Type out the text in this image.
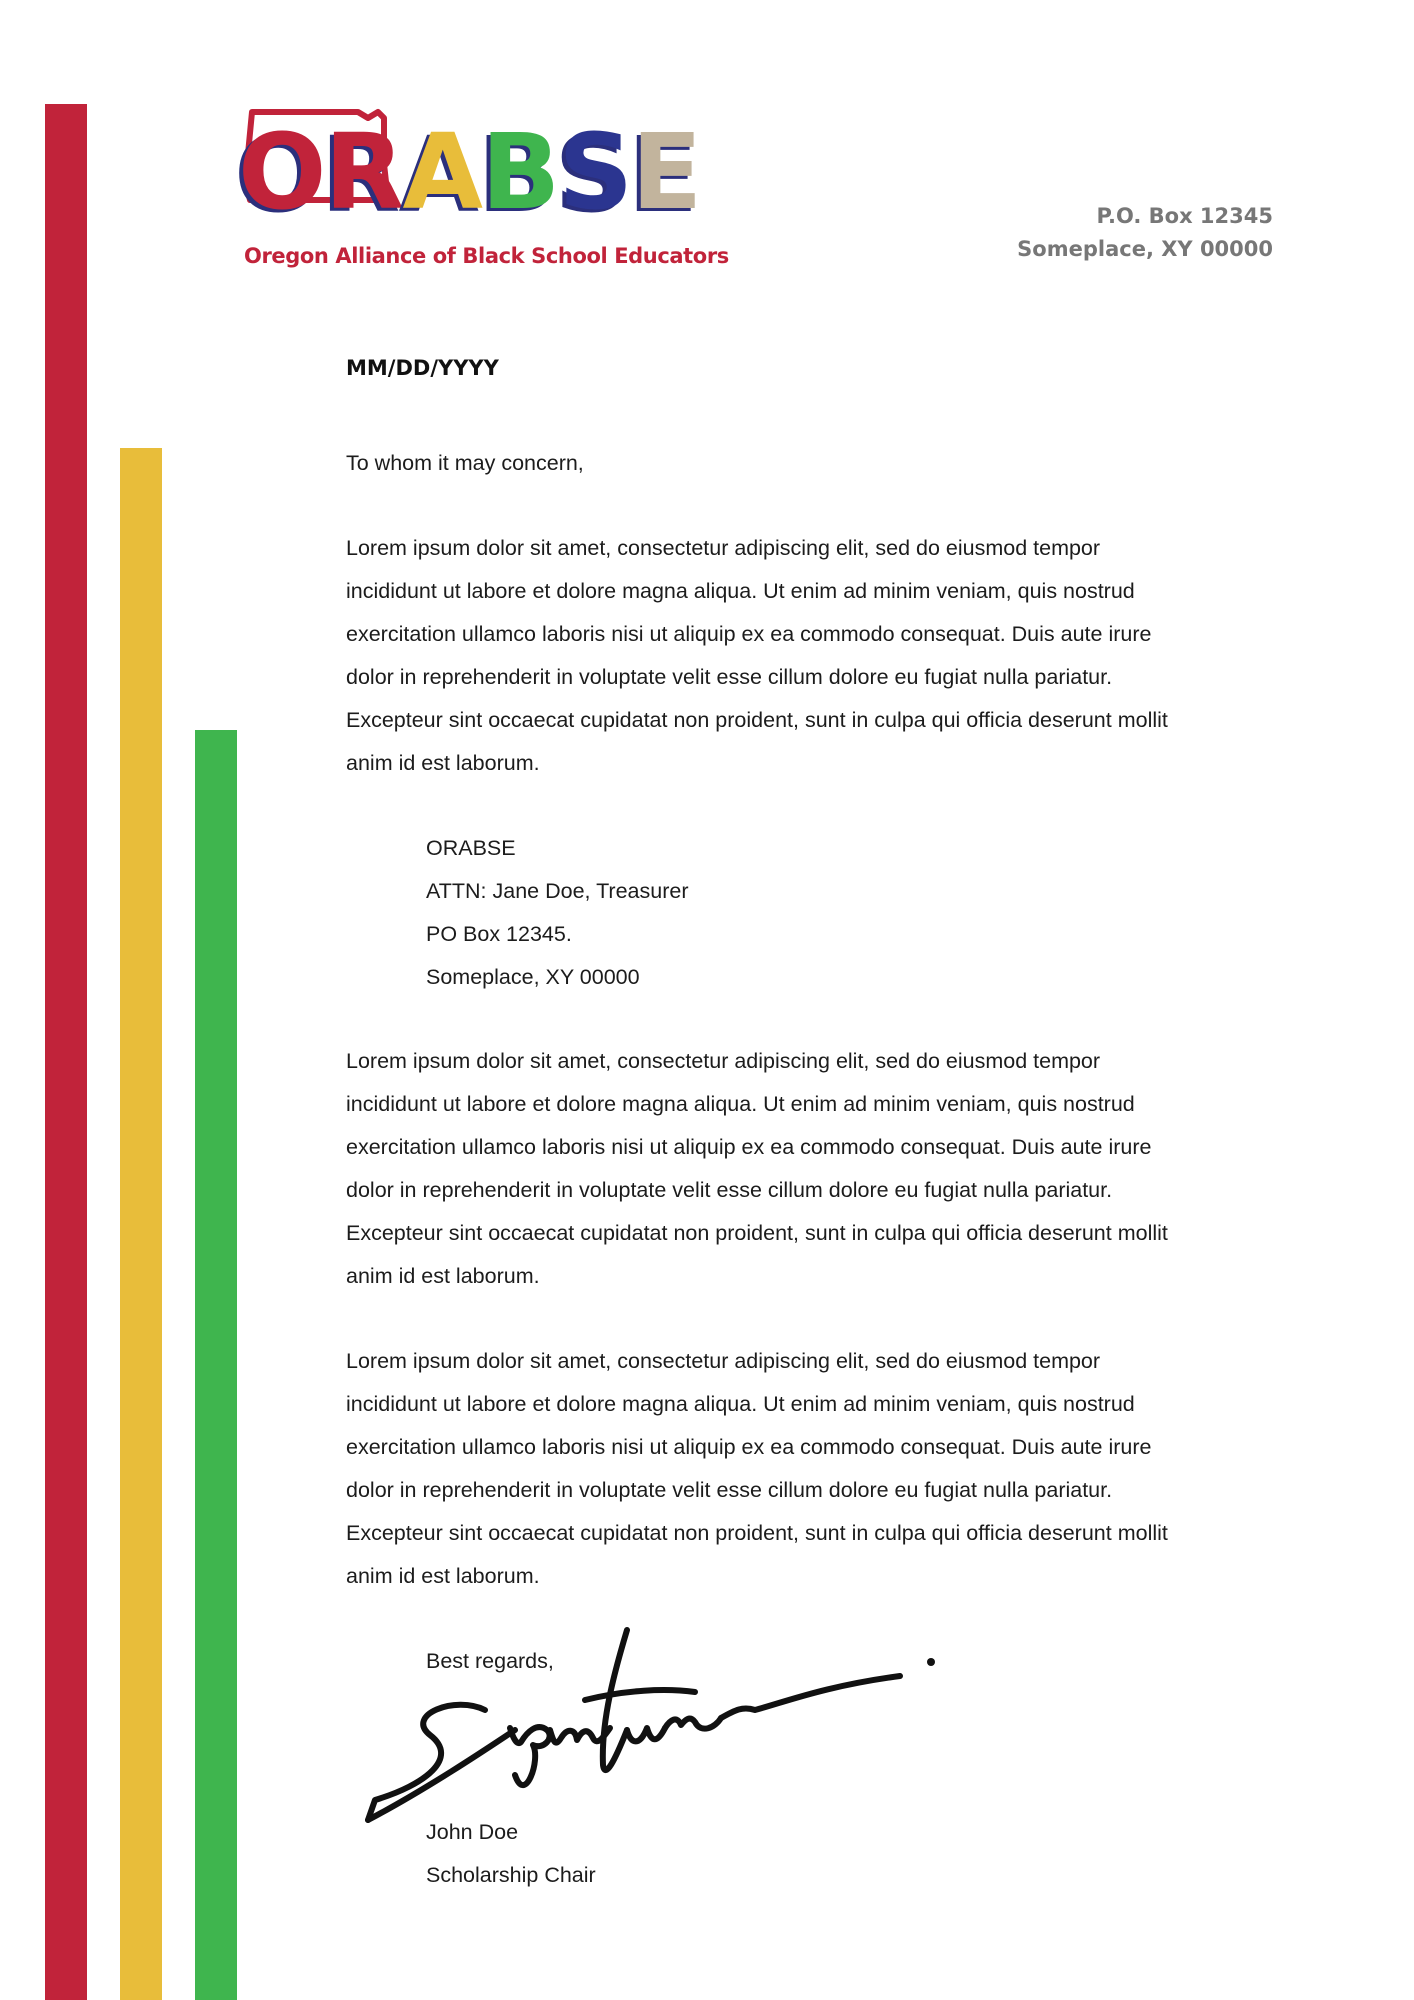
ORABSE
Oregon Alliance of Black School Educators
P.O. Box 12345
Someplace, XY 00000
MM/DD/YYYY
To whom it may concern,
Lorem ipsum dolor sit amet, consectetur adipiscing elit, sed do eiusmod tempor
incididunt ut labore et dolore magna aliqua. Ut enim ad minim veniam, quis nostrud
exercitation ullamco laboris nisi ut aliquip ex ea commodo consequat. Duis aute irure
dolor in reprehenderit in voluptate velit esse cillum dolore eu fugiat nulla pariatur.
Excepteur sint occaecat cupidatat non proident, sunt in culpa qui officia deserunt mollit
anim id est laborum.
ORABSE
ATTN: Jane Doe, Treasurer
PO Box 12345.
Someplace, XY 00000
Lorem ipsum dolor sit amet, consectetur adipiscing elit, sed do eiusmod tempor
incididunt ut labore et dolore magna aliqua. Ut enim ad minim veniam, quis nostrud
exercitation ullamco laboris nisi ut aliquip ex ea commodo consequat. Duis aute irure
dolor in reprehenderit in voluptate velit esse cillum dolore eu fugiat nulla pariatur.
Excepteur sint occaecat cupidatat non proident, sunt in culpa qui officia deserunt mollit
anim id est laborum.
Lorem ipsum dolor sit amet, consectetur adipiscing elit, sed do eiusmod tempor
incididunt ut labore et dolore magna aliqua. Ut enim ad minim veniam, quis nostrud
exercitation ullamco laboris nisi ut aliquip ex ea commodo consequat. Duis aute irure
dolor in reprehenderit in voluptate velit esse cillum dolore eu fugiat nulla pariatur.
Excepteur sint occaecat cupidatat non proident, sunt in culpa qui officia deserunt mollit
anim id est laborum.
Best regards,
Signature
John Doe
Scholarship Chair
